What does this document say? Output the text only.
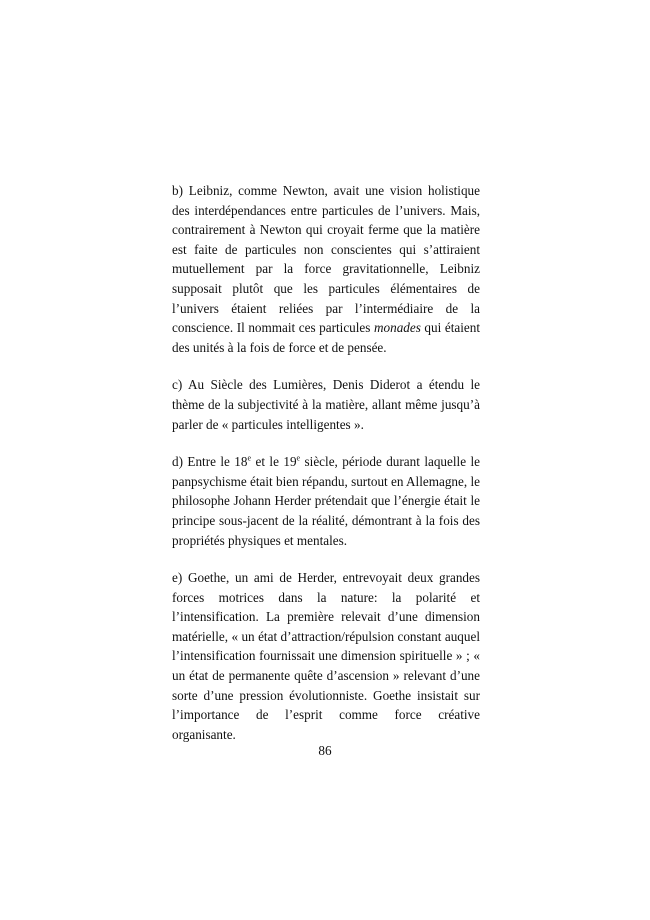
b) Leibniz, comme Newton, avait une vision holistique des interdépendances entre particules de l’univers. Mais, contrairement à Newton qui croyait ferme que la matière est faite de particules non conscientes qui s’attiraient mutuellement par la force gravitationnelle, Leibniz supposait plutôt que les particules élémentaires de l’univers étaient reliées par l’intermédiaire de la conscience. Il nommait ces particules monades qui étaient des unités à la fois de force et de pensée.

c) Au Siècle des Lumières, Denis Diderot a étendu le thème de la subjectivité à la matière, allant même jusqu’à parler de « particules intelligentes ».

d) Entre le 18e et le 19e siècle, période durant laquelle le panpsychisme était bien répandu, surtout en Allemagne, le philosophe Johann Herder prétendait que l’énergie était le principe sous-jacent de la réalité, démontrant à la fois des propriétés physiques et mentales.

e) Goethe, un ami de Herder, entrevoyait deux grandes forces motrices dans la nature: la polarité et l’intensification. La première relevait d’une dimension matérielle, « un état d’attraction/répulsion constant auquel l’intensification fournissait une dimension spirituelle » ; « un état de permanente quête d’ascension » relevant d’une sorte d’une pression évolutionniste. Goethe insistait sur l’importance de l’esprit comme force créative organisante.

86
